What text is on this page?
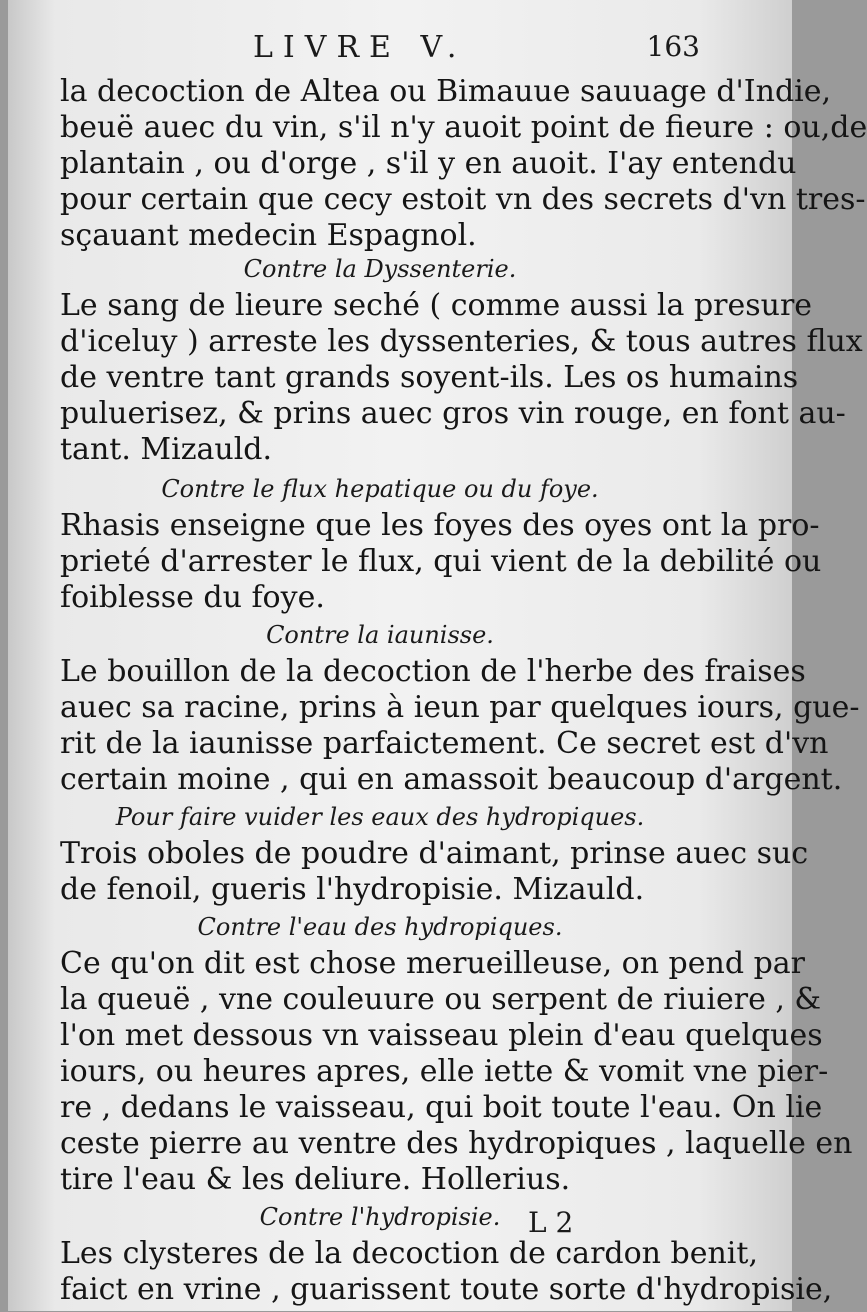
LIVRE V.	163
la decoction de Altea ou Bimauue sauuage d'Indie,
beuë auec du vin, s'il n'y auoit point de fieure : ou,de
plantain , ou d'orge , s'il y en auoit. I'ay entendu
pour certain que cecy estoit vn des secrets d'vn tres-
sçauant medecin Espagnol.
Contre la Dyssenterie.
Le sang de lieure seché ( comme aussi la presure
d'iceluy ) arreste les dyssenteries, & tous autres flux
de ventre tant grands soyent-ils. Les os humains
puluerisez, & prins auec gros vin rouge, en font au-
tant. Mizauld.
Contre le flux hepatique ou du foye.
Rhasis enseigne que les foyes des oyes ont la pro-
prieté d'arrester le flux, qui vient de la debilité ou
foiblesse du foye.
Contre la iaunisse.
Le bouillon de la decoction de l'herbe des fraises
auec sa racine, prins à ieun par quelques iours, gue-
rit de la iaunisse parfaictement. Ce secret est d'vn
certain moine , qui en amassoit beaucoup d'argent.
Pour faire vuider les eaux des hydropiques.
Trois oboles de poudre d'aimant, prinse auec suc
de fenoil, gueris l'hydropisie. Mizauld.
Contre l'eau des hydropiques.
Ce qu'on dit est chose merueilleuse, on pend par
la queuë , vne couleuure ou serpent de riuiere , &
l'on met dessous vn vaisseau plein d'eau quelques
iours, ou heures apres, elle iette & vomit vne pier-
re , dedans le vaisseau, qui boit toute l'eau. On lie
ceste pierre au ventre des hydropiques , laquelle en
tire l'eau & les deliure. Hollerius.
Contre l'hydropisie.
Les clysteres de la decoction de cardon benit,
faict en vrine , guarissent toute sorte d'hydropisie,
L 2
